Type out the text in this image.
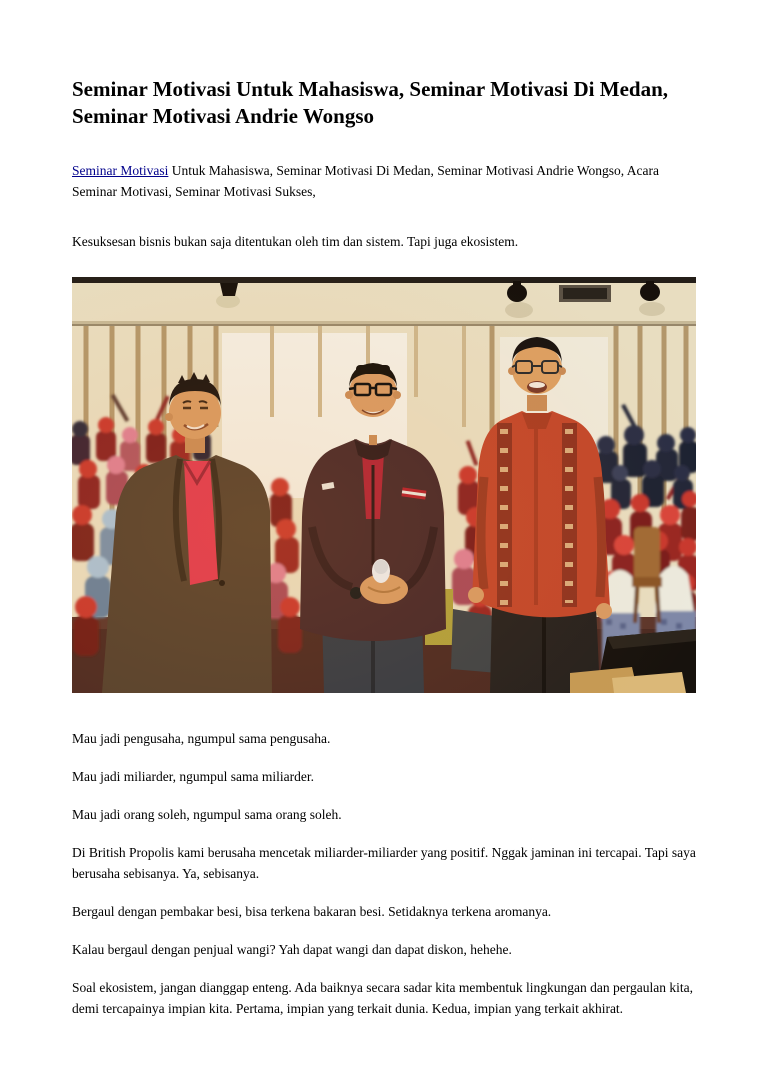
Seminar Motivasi Untuk Mahasiswa, Seminar Motivasi Di Medan, Seminar Motivasi Andrie Wongso

Seminar Motivasi Untuk Mahasiswa, Seminar Motivasi Di Medan, Seminar Motivasi Andrie Wongso, Acara Seminar Motivasi, Seminar Motivasi Sukses,

Kesuksesan bisnis bukan saja ditentukan oleh tim dan sistem. Tapi juga ekosistem.

Mau jadi pengusaha, ngumpul sama pengusaha.

Mau jadi miliarder, ngumpul sama miliarder.

Mau jadi orang soleh, ngumpul sama orang soleh.

Di British Propolis kami berusaha mencetak miliarder-miliarder yang positif. Nggak jaminan ini tercapai. Tapi saya berusaha sebisanya. Ya, sebisanya.

Bergaul dengan pembakar besi, bisa terkena bakaran besi. Setidaknya terkena aromanya.

Kalau bergaul dengan penjual wangi? Yah dapat wangi dan dapat diskon, hehehe.

Soal ekosistem, jangan dianggap enteng. Ada baiknya secara sadar kita membentuk lingkungan dan pergaulan kita, demi tercapainya impian kita. Pertama, impian yang terkait dunia. Kedua, impian yang terkait akhirat.
